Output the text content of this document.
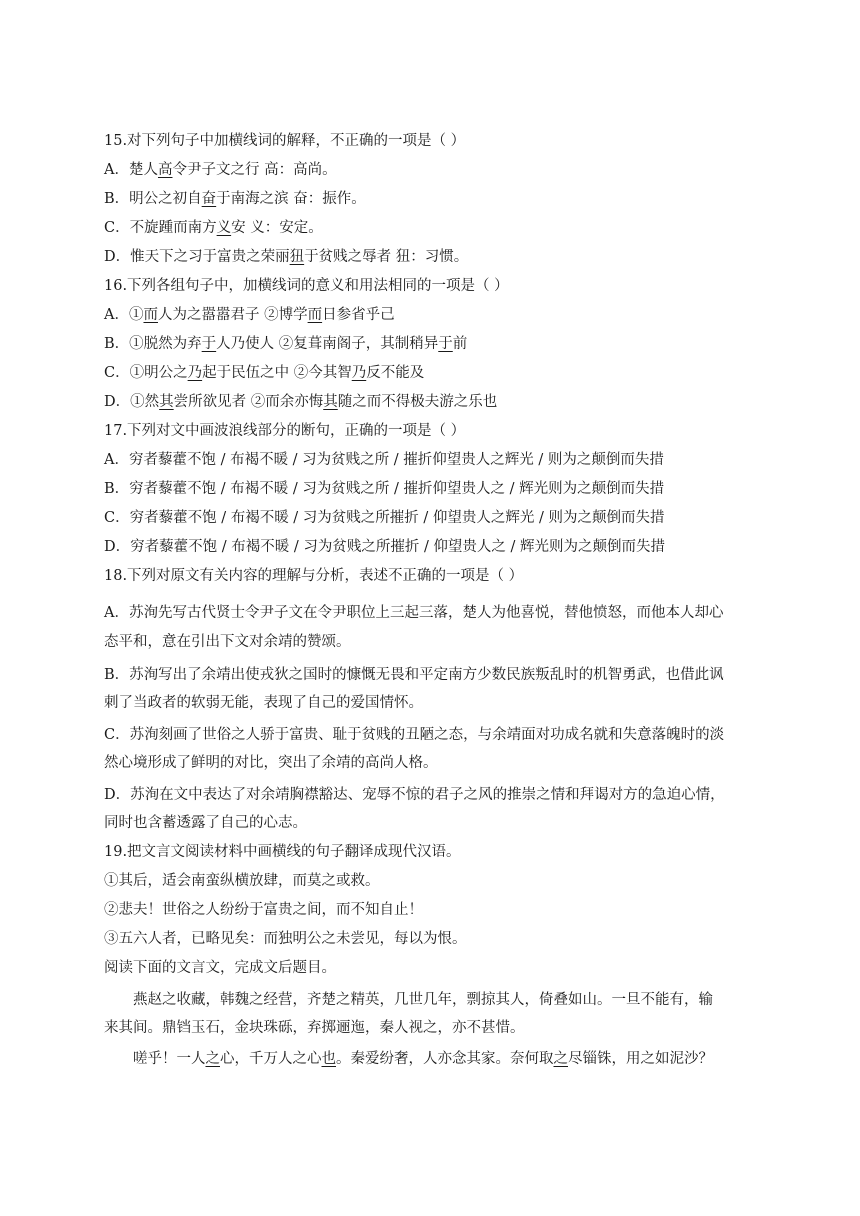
15.对下列句子中加横线词的解释，不正确的一项是（ ）
A．楚人高令尹子文之行 高：高尚。
B．明公之初自奋于南海之滨 奋：振作。
C．不旋踵而南方义安 义：安定。
D．惟天下之习于富贵之荣丽狃于贫贱之辱者 狃：习惯。
16.下列各组句子中，加横线词的意义和用法相同的一项是（ ）
A．①而人为之嚣嚣君子 ②博学而日参省乎己
B．①脱然为弃于人乃使人 ②复葺南阁子，其制稍异于前
C．①明公之乃起于民伍之中 ②今其智乃反不能及
D．①然其尝所欲见者 ②而余亦悔其随之而不得极夫游之乐也
17.下列对文中画波浪线部分的断句，正确的一项是（ ）
A．穷者藜藿不饱 / 布褐不暖 / 习为贫贱之所 / 摧折仰望贵人之辉光 / 则为之颠倒而失措
B．穷者藜藿不饱 / 布褐不暖 / 习为贫贱之所 / 摧折仰望贵人之 / 辉光则为之颠倒而失措
C．穷者藜藿不饱 / 布褐不暖 / 习为贫贱之所摧折 / 仰望贵人之辉光 / 则为之颠倒而失措
D．穷者藜藿不饱 / 布褐不暖 / 习为贫贱之所摧折 / 仰望贵人之 / 辉光则为之颠倒而失措
18.下列对原文有关内容的理解与分析，表述不正确的一项是（ ）
A．苏洵先写古代贤士令尹子文在令尹职位上三起三落，楚人为他喜悦，替他愤怒，而他本人却心
态平和，意在引出下文对余靖的赞颂。
B．苏洵写出了余靖出使戎狄之国时的慷慨无畏和平定南方少数民族叛乱时的机智勇武，也借此讽
刺了当政者的软弱无能，表现了自己的爱国情怀。
C．苏洵刻画了世俗之人骄于富贵、耻于贫贱的丑陋之态，与余靖面对功成名就和失意落魄时的淡
然心境形成了鲜明的对比，突出了余靖的高尚人格。
D．苏洵在文中表达了对余靖胸襟豁达、宠辱不惊的君子之风的推崇之情和拜谒对方的急迫心情，
同时也含蓄透露了自己的心志。
19.把文言文阅读材料中画横线的句子翻译成现代汉语。
①其后，适会南蛮纵横放肆，而莫之或救。
②悲夫！世俗之人纷纷于富贵之间，而不知自止！
③五六人者，已略见矣：而独明公之未尝见，每以为恨。
阅读下面的文言文，完成文后题目。
燕赵之收藏，韩魏之经营，齐楚之精英，几世几年，剽掠其人，倚叠如山。一旦不能有，输
来其间。鼎铛玉石，金块珠砾，弃掷逦迤，秦人视之，亦不甚惜。
嗟乎！一人之心，千万人之心也。秦爱纷奢，人亦念其家。奈何取之尽锱铢，用之如泥沙？
